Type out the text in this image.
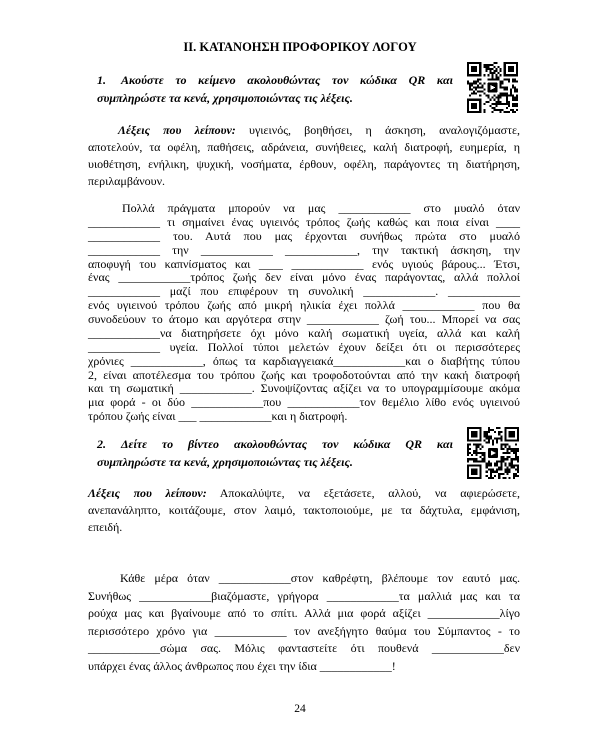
II. ΚΑΤΑΝΟΗΣΗ ΠΡΟΦΟΡΙΚΟΥ ΛΟΓΟΥ
1. Ακούστε το κείμενο ακολουθώντας τον κώδικα QR και
συμπληρώστε τα κενά, χρησιμοποιώντας τις λέξεις.
Λέξεις που λείπουν: υγιεινός, βοηθήσει, η άσκηση, αναλογιζόμαστε,
αποτελούν, τα οφέλη, παθήσεις, αδράνεια, συνήθειες, καλή διατροφή, ευημερία, η
υιοθέτηση, ενήλικη, ψυχική, νοσήματα, έρθουν, οφέλη, παράγοντες τη διατήρηση,
περιλαμβάνουν.
Πολλά πράγματα μπορούν να μας ____________ στο μυαλό όταν
____________ τι σημαίνει ένας υγιεινός τρόπος ζωής καθώς και ποια είναι ____
____________ του. Αυτά που μας έρχονται συνήθως πρώτα στο μυαλό
____________ την ____________ ____________, την τακτική άσκηση, την
αποφυγή του καπνίσματος και ____ ____________ ενός υγιούς βάρους... Έτσι,
ένας ____________τρόπος ζωής δεν είναι μόνο ένας παράγοντας, αλλά πολλοί
____________ μαζί που επιφέρουν τη συνολική ____________. ____________
ενός υγιεινού τρόπου ζωής από μικρή ηλικία έχει πολλά ____________ που θα
συνοδεύουν το άτομο και αργότερα στην ____________ ζωή του... Μπορεί να σας
____________να διατηρήσετε όχι μόνο καλή σωματική υγεία, αλλά και καλή
____________ υγεία. Πολλοί τύποι μελετών έχουν δείξει ότι οι περισσότερες
χρόνιες ____________, όπως τα καρδιαγγειακά____________και ο διαβήτης τύπου
2, είναι αποτέλεσμα του τρόπου ζωής και τροφοδοτούνται από την κακή διατροφή
και τη σωματική ____________. Συνοψίζοντας αξίζει να το υπογραμμίσουμε ακόμα
μια φορά - οι δύο ____________που ____________τον θεμέλιο λίθο ενός υγιεινού
τρόπου ζωής είναι ___ ____________και η διατροφή.
2. Δείτε το βίντεο ακολουθώντας τον κώδικα QR και
συμπληρώστε τα κενά, χρησιμοποιώντας τις λέξεις.
Λέξεις που λείπουν: Αποκαλύψτε, να εξετάσετε, αλλού, να αφιερώσετε,
ανεπανάληπτο, κοιτάζουμε, στον λαιμό, τακτοποιούμε, με τα δάχτυλα, εμφάνιση,
επειδή.
Κάθε μέρα όταν ____________στον καθρέφτη, βλέπουμε τον εαυτό μας.
Συνήθως ____________βιαζόμαστε, γρήγορα ____________τα μαλλιά μας και τα
ρούχα μας και βγαίνουμε από το σπίτι. Αλλά μια φορά αξίζει ____________λίγο
περισσότερο χρόνο για ____________ τον ανεξήγητο θαύμα του Σύμπαντος - το
____________σώμα σας. Μόλις φανταστείτε ότι πουθενά ____________δεν
υπάρχει ένας άλλος άνθρωπος που έχει την ίδια ____________!
24
